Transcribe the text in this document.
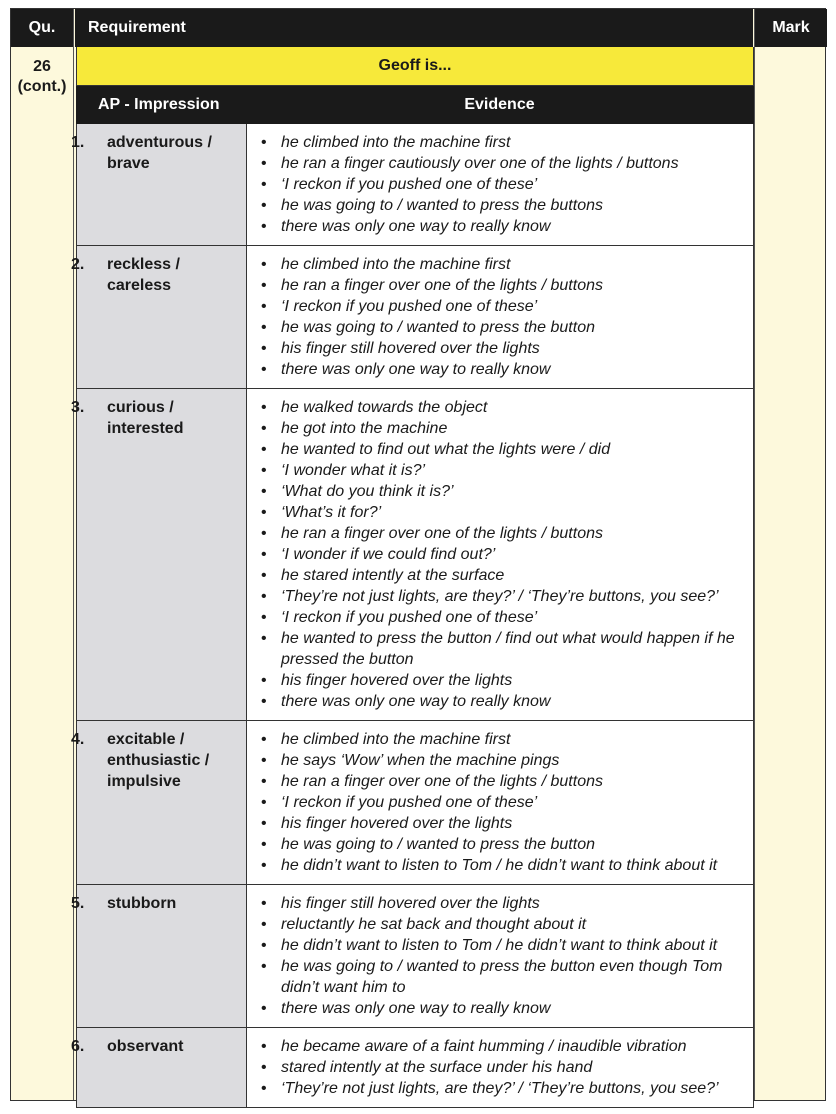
Qu.	Requirement	Mark
26
(cont.)
Geoff is...
AP - Impression	Evidence
1. adventurous /
brave
• he climbed into the machine first
• he ran a finger cautiously over one of the lights / buttons
• ‘I reckon if you pushed one of these’
• he was going to / wanted to press the buttons
• there was only one way to really know
2. reckless /
careless
• he climbed into the machine first
• he ran a finger over one of the lights / buttons
• ‘I reckon if you pushed one of these’
• he was going to / wanted to press the button
• his finger still hovered over the lights
• there was only one way to really know
3. curious /
interested
• he walked towards the object
• he got into the machine
• he wanted to find out what the lights were / did
• ‘I wonder what it is?’
• ‘What do you think it is?’
• ‘What’s it for?’
• he ran a finger over one of the lights / buttons
• ‘I wonder if we could find out?’
• he stared intently at the surface
• ‘They’re not just lights, are they?’ / ‘They’re buttons, you see?’
• ‘I reckon if you pushed one of these’
• he wanted to press the button / find out what would happen if he pressed the button
• his finger hovered over the lights
• there was only one way to really know
4. excitable /
enthusiastic /
impulsive
• he climbed into the machine first
• he says ‘Wow’ when the machine pings
• he ran a finger over one of the lights / buttons
• ‘I reckon if you pushed one of these’
• his finger hovered over the lights
• he was going to / wanted to press the button
• he didn’t want to listen to Tom / he didn’t want to think about it
5. stubborn	• his finger still hovered over the lights
• reluctantly he sat back and thought about it
• he didn’t want to listen to Tom / he didn’t want to think about it
• he was going to / wanted to press the button even though Tom didn’t want him to
• there was only one way to really know
6. observant	• he became aware of a faint humming / inaudible vibration
• stared intently at the surface under his hand
• ‘They’re not just lights, are they?’ / ‘They’re buttons, you see?’
